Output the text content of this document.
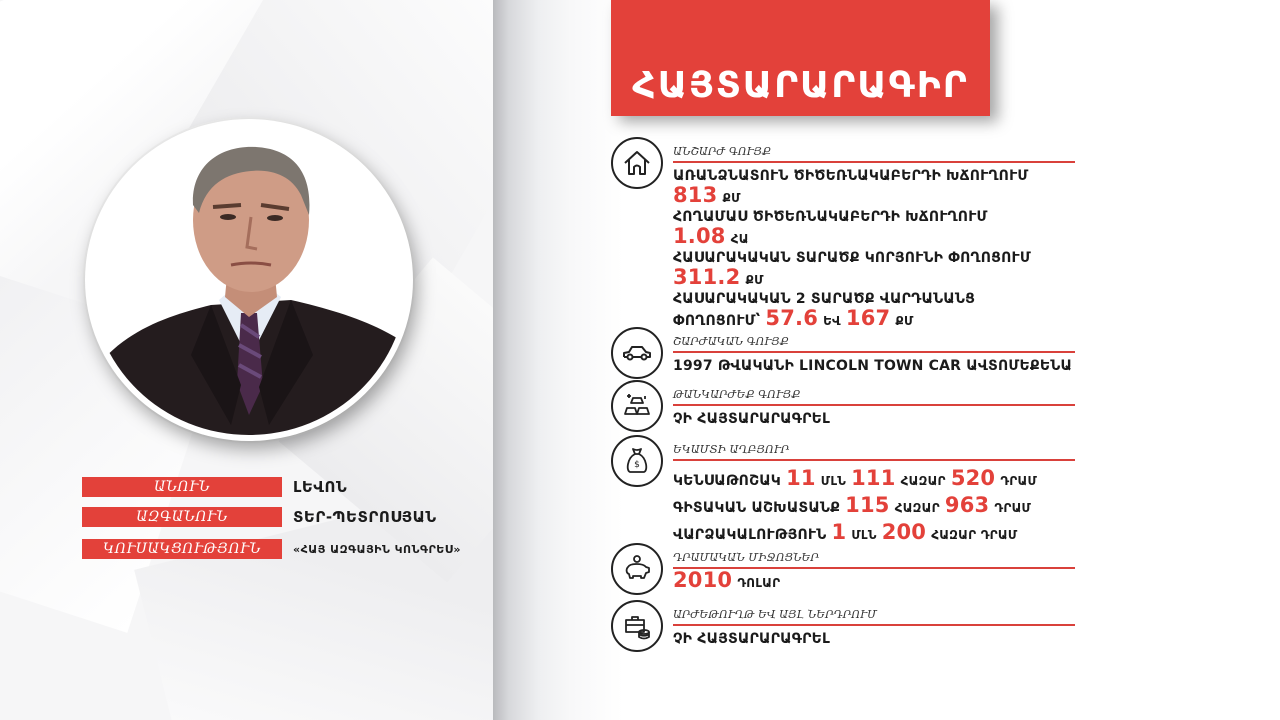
ԱՆՈՒՆ	ԼԵՎՈՆ
ԱԶԳԱՆՈՒՆ	ՏԵՐ-ՊԵՏՐՈՍՅԱՆ
ԿՈՒՍԱԿՑՈՒԹՅՈՒՆ	«ՀԱՅ ԱԶԳԱՅԻՆ ԿՈՆԳՐԵՍ»
ՀԱՅՏԱՐԱՐԱԳԻՐ
ԱՆՇԱՐԺ ԳՈՒՅՔ
ԱՌԱՆՁՆԱՏՈՒՆ ԾԻԾԵՌՆԱԿԱԲԵՐԴԻ ԽՃՈՒՂՈՒՄ
813 ՔՄ
ՀՈՂԱՄԱՍ ԾԻԾԵՌՆԱԿԱԲԵՐԴԻ ԽՃՈՒՂՈՒՄ
1.08 ՀԱ
ՀԱՍԱՐԱԿԱԿԱՆ ՏԱՐԱԾՔ ԿՈՐՅՈՒՆԻ ՓՈՂՈՑՈՒՄ
311.2 ՔՄ
ՀԱՍԱՐԱԿԱԿԱՆ 2 ՏԱՐԱԾՔ ՎԱՐԴԱՆԱՆՑ
ՓՈՂՈՑՈՒՄ՝ 57.6 ԵՎ 167 ՔՄ
ՇԱՐԺԱԿԱՆ ԳՈՒՅՔ
1997 ԹՎԱԿԱՆԻ LINCOLN TOWN CAR ԱՎՏՈՄԵՔԵՆԱ
ԹԱՆԿԱՐԺԵՔ ԳՈՒՅՔ
ՉԻ ՀԱՅՏԱՐԱՐԱԳՐԵԼ
$
ԵԿԱՄՏԻ ԱՂԲՅՈՒՐ
ԿԵՆՍԱԹՈՇԱԿ 11 ՄԼՆ 111 ՀԱԶԱՐ 520 ԴՐԱՄ
ԳԻՏԱԿԱՆ ԱՇԽԱՏԱՆՔ 115 ՀԱԶԱՐ 963 ԴՐԱՄ
ՎԱՐՁԱԿԱԼՈՒԹՅՈՒՆ 1 ՄԼՆ 200 ՀԱԶԱՐ ԴՐԱՄ
ԴՐԱՄԱԿԱՆ ՄԻՋՈՑՆԵՐ
2010 ԴՈԼԱՐ
ԱՐԺԵԹՈՒՂԹ ԵՎ ԱՅԼ ՆԵՐԴՐՈՒՄ
ՉԻ ՀԱՅՏԱՐԱՐԱԳՐԵԼ
